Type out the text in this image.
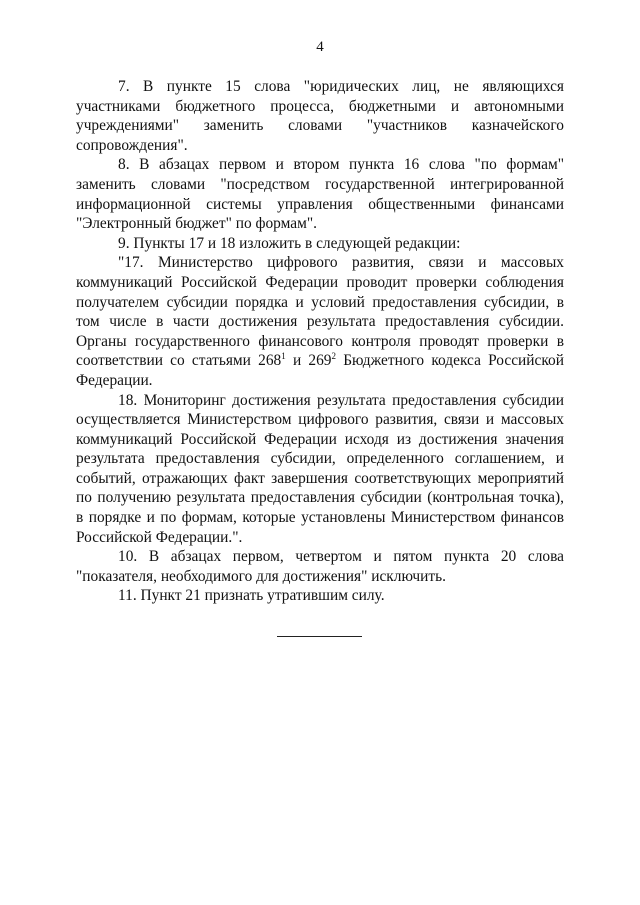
4

7. В пункте 15 слова "юридических лиц, не являющихся участниками бюджетного процесса, бюджетными и автономными учреждениями" заменить словами "участников казначейского сопровождения".

8. В абзацах первом и втором пункта 16 слова "по формам" заменить словами "посредством государственной интегрированной информационной системы управления общественными финансами "Электронный бюджет" по формам".

9. Пункты 17 и 18 изложить в следующей редакции:

"17. Министерство цифрового развития, связи и массовых коммуникаций Российской Федерации проводит проверки соблюдения получателем субсидии порядка и условий предоставления субсидии, в том числе в части достижения результата предоставления субсидии. Органы государственного финансового контроля проводят проверки в соответствии со статьями $268^1$ и $269^2$ Бюджетного кодекса Российской Федерации.

18. Мониторинг достижения результата предоставления субсидии осуществляется Министерством цифрового развития, связи и массовых коммуникаций Российской Федерации исходя из достижения значения результата предоставления субсидии, определенного соглашением, и событий, отражающих факт завершения соответствующих мероприятий по получению результата предоставления субсидии (контрольная точка), в порядке и по формам, которые установлены Министерством финансов Российской Федерации.".

10. В абзацах первом, четвертом и пятом пункта 20 слова "показателя, необходимого для достижения" исключить.

11. Пункт 21 признать утратившим силу.
